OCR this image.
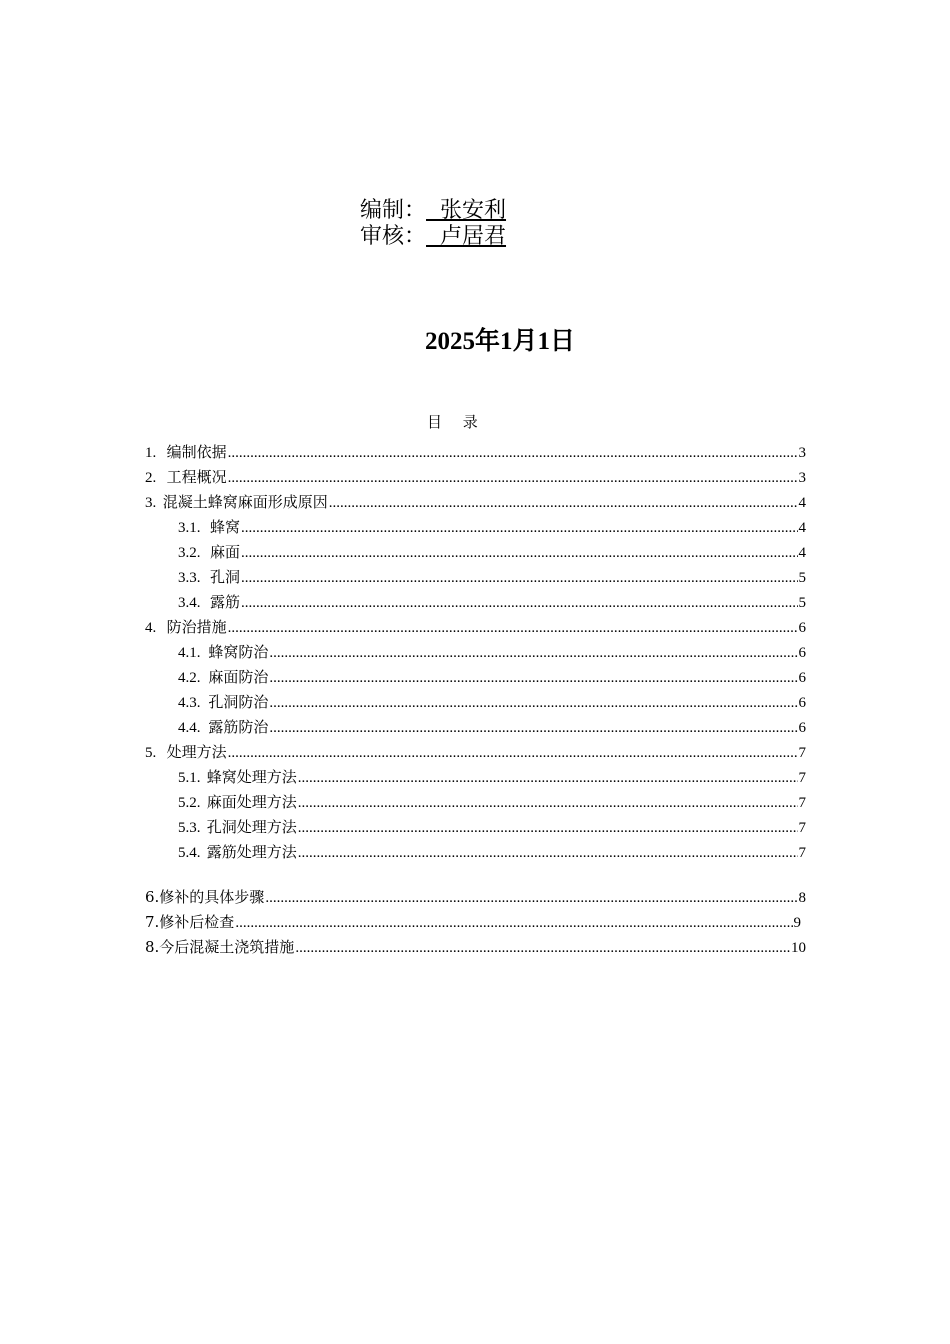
编制： 张安利
审核： 卢居君
2025年1月1日
目 录
1. 编制依据 .....	3
2. 工程概况 .....	3
3. 混凝土蜂窝麻面形成原因 .....	4
3.1. 蜂窝 .....	4
3.2. 麻面 .....	4
3.3. 孔洞 .....	5
3.4. 露筋 .....	5
4. 防治措施 .....	6
4.1. 蜂窝防治 .....	6
4.2. 麻面防治 .....	6
4.3. 孔洞防治 .....	6
4.4. 露筋防治 .....	6
5. 处理方法 .....	7
5.1. 蜂窝处理方法 .....	7
5.2. 麻面处理方法 .....	7
5.3. 孔洞处理方法 .....	7
5.4. 露筋处理方法 .....	7
6.修补的具体步骤 .....	8
7.修补后检查 .....	9
8.今后混凝土浇筑措施 .....	10
